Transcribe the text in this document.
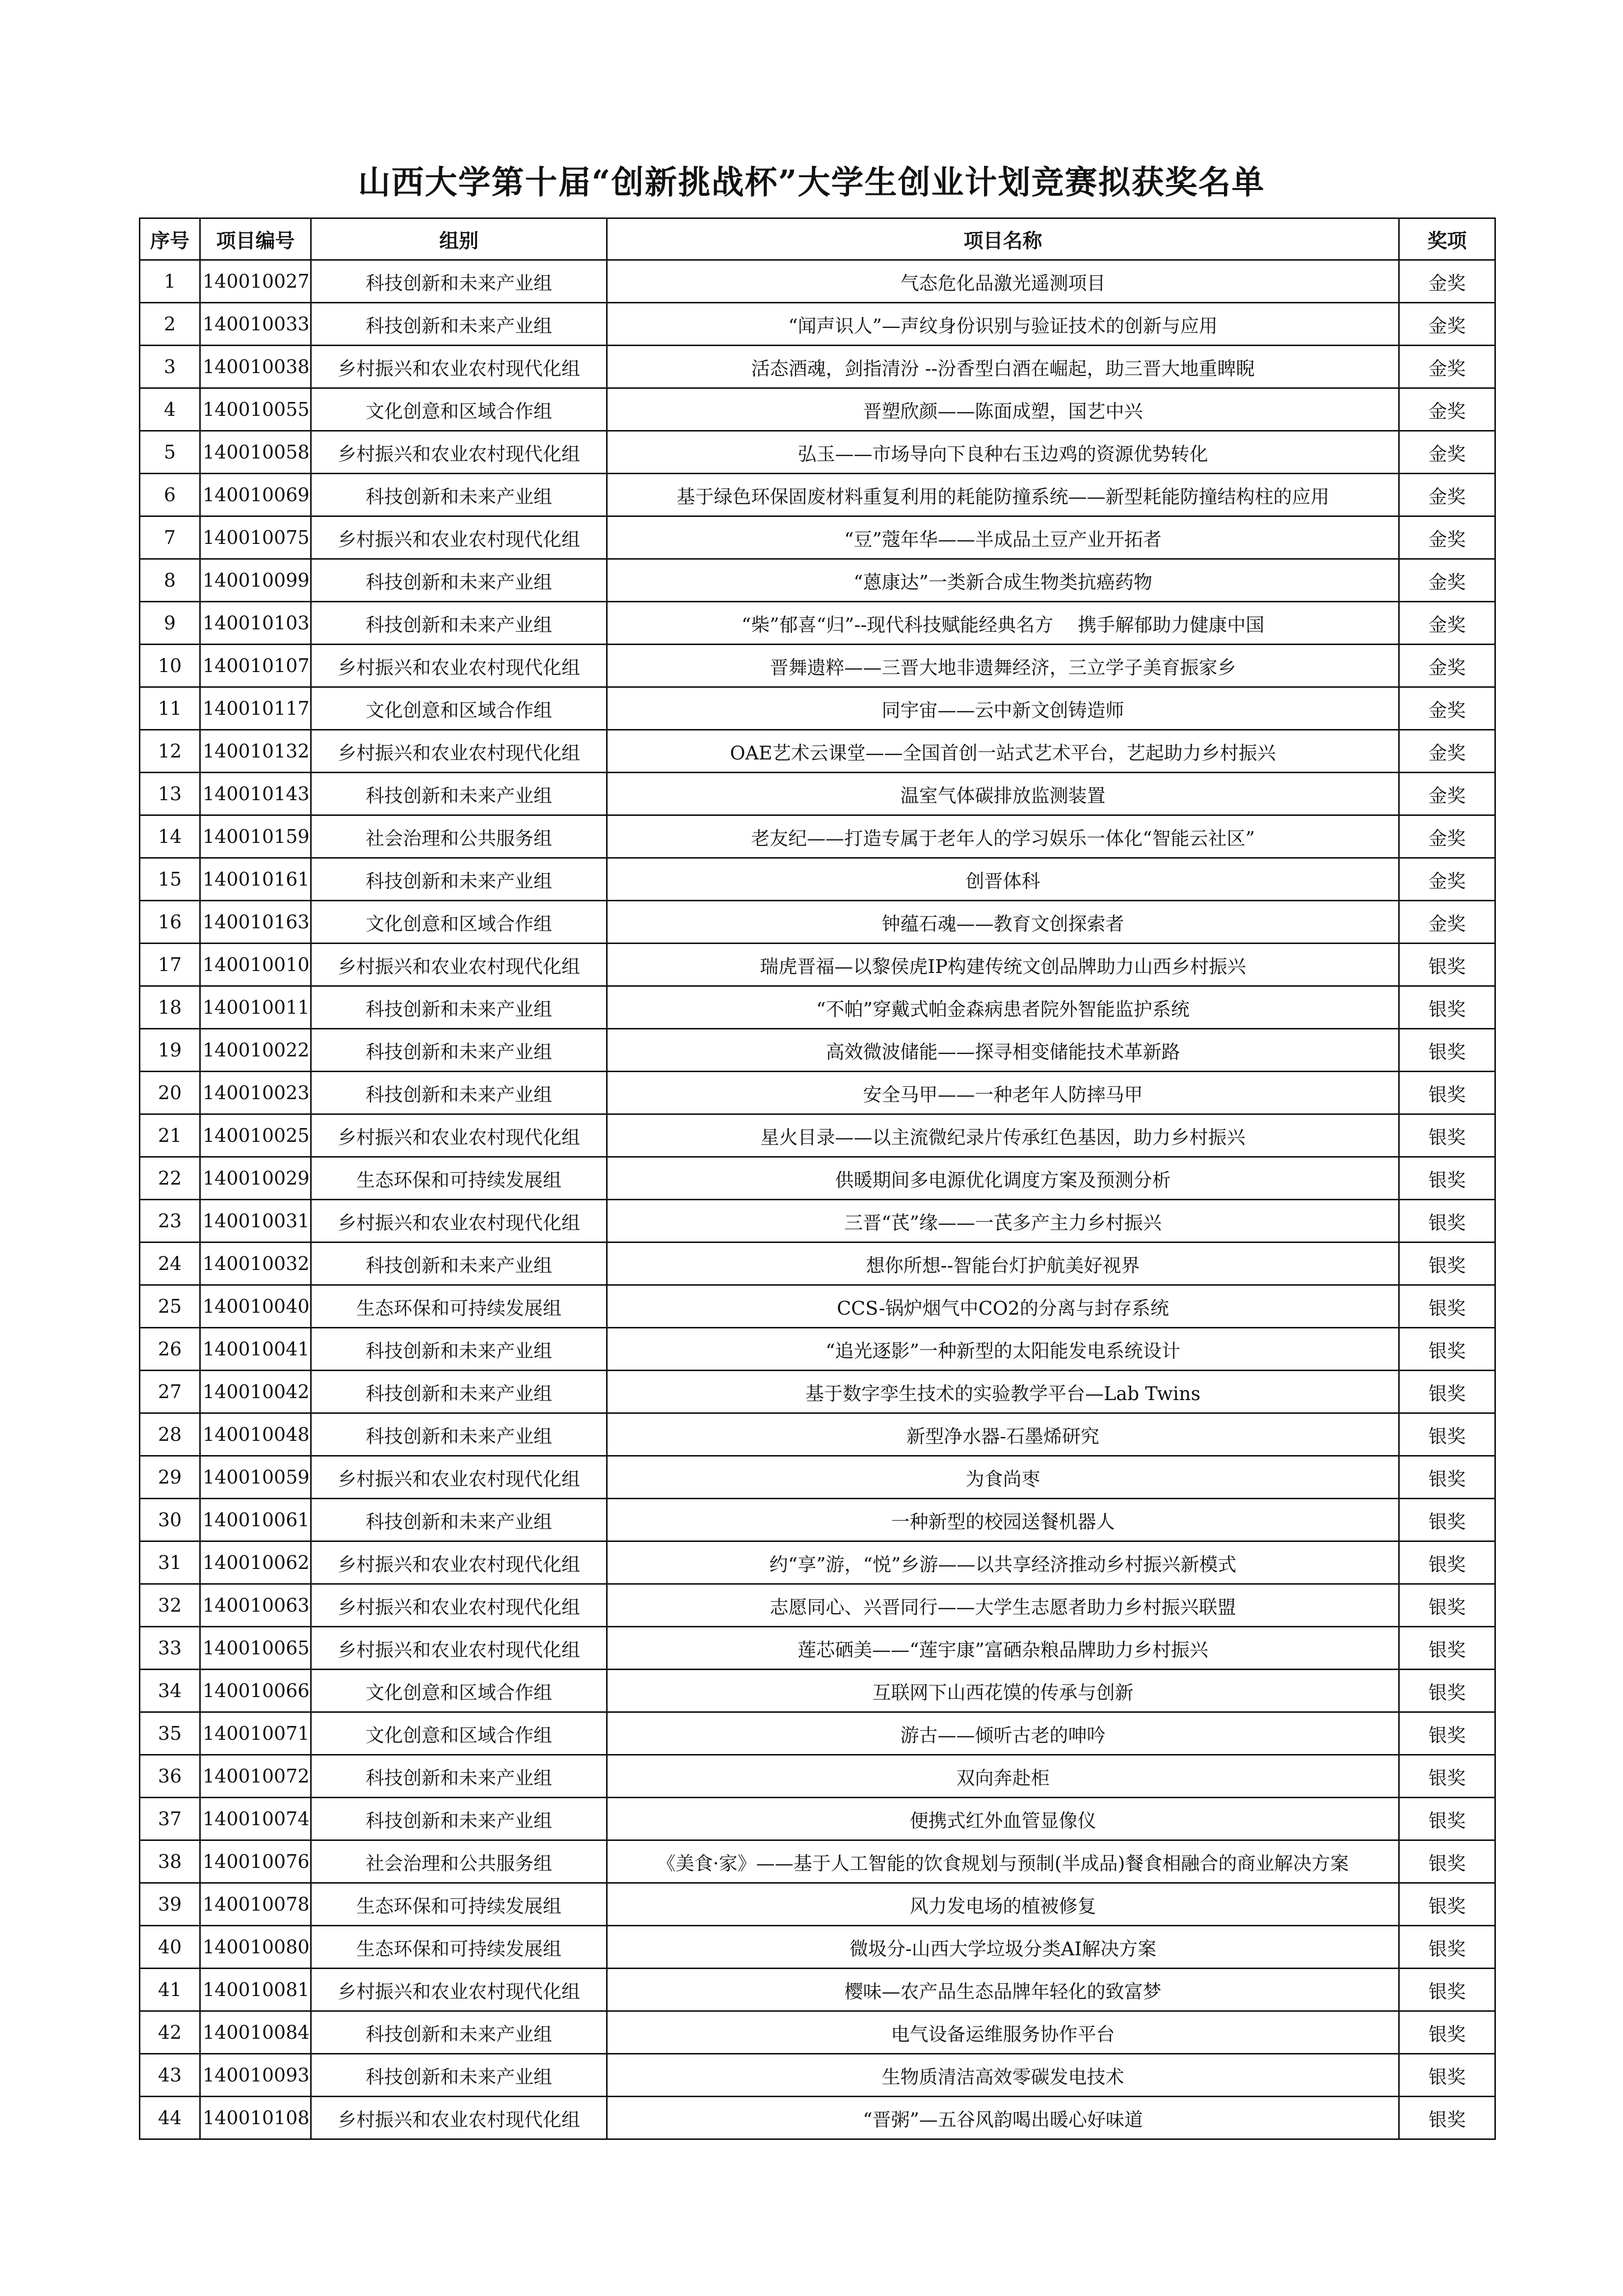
山西大学第十届“创新挑战杯”大学生创业计划竞赛拟获奖名单
序号	项目编号	组别	项目名称	奖项
1	140010027	科技创新和未来产业组	气态危化品激光遥测项目	金奖
2	140010033	科技创新和未来产业组	“闻声识人”—声纹身份识别与验证技术的创新与应用	金奖
3	140010038	乡村振兴和农业农村现代化组	活态酒魂，剑指清汾 --汾香型白酒在崛起，助三晋大地重睥睨	金奖
4	140010055	文化创意和区域合作组	晋塑欣颜——陈面成塑，国艺中兴	金奖
5	140010058	乡村振兴和农业农村现代化组	弘玉——市场导向下良种右玉边鸡的资源优势转化	金奖
6	140010069	科技创新和未来产业组	基于绿色环保固废材料重复利用的耗能防撞系统——新型耗能防撞结构柱的应用	金奖
7	140010075	乡村振兴和农业农村现代化组	“豆”蔻年华——半成品土豆产业开拓者	金奖
8	140010099	科技创新和未来产业组	“蒽康达”一类新合成生物类抗癌药物	金奖
9	140010103	科技创新和未来产业组	“柴”郁喜“归”--现代科技赋能经典名方　 携手解郁助力健康中国	金奖
10	140010107	乡村振兴和农业农村现代化组	晋舞遗粹——三晋大地非遗舞经济，三立学子美育振家乡	金奖
11	140010117	文化创意和区域合作组	同宇宙——云中新文创铸造师	金奖
12	140010132	乡村振兴和农业农村现代化组	OAE艺术云课堂——全国首创一站式艺术平台，艺起助力乡村振兴	金奖
13	140010143	科技创新和未来产业组	温室气体碳排放监测装置	金奖
14	140010159	社会治理和公共服务组	老友纪——打造专属于老年人的学习娱乐一体化“智能云社区”	金奖
15	140010161	科技创新和未来产业组	创晋体科	金奖
16	140010163	文化创意和区域合作组	钟蕴石魂——教育文创探索者	金奖
17	140010010	乡村振兴和农业农村现代化组	瑞虎晋福—以黎侯虎IP构建传统文创品牌助力山西乡村振兴	银奖
18	140010011	科技创新和未来产业组	“不帕”穿戴式帕金森病患者院外智能监护系统	银奖
19	140010022	科技创新和未来产业组	高效微波储能——探寻相变储能技术革新路	银奖
20	140010023	科技创新和未来产业组	安全马甲——一种老年人防摔马甲	银奖
21	140010025	乡村振兴和农业农村现代化组	星火目录——以主流微纪录片传承红色基因，助力乡村振兴	银奖
22	140010029	生态环保和可持续发展组	供暖期间多电源优化调度方案及预测分析	银奖
23	140010031	乡村振兴和农业农村现代化组	三晋“芪”缘——一芪多产主力乡村振兴	银奖
24	140010032	科技创新和未来产业组	想你所想--智能台灯护航美好视界	银奖
25	140010040	生态环保和可持续发展组	CCS-锅炉烟气中CO2的分离与封存系统	银奖
26	140010041	科技创新和未来产业组	“追光逐影”一种新型的太阳能发电系统设计	银奖
27	140010042	科技创新和未来产业组	基于数字孪生技术的实验教学平台—Lab Twins	银奖
28	140010048	科技创新和未来产业组	新型净水器-石墨烯研究	银奖
29	140010059	乡村振兴和农业农村现代化组	为食尚枣	银奖
30	140010061	科技创新和未来产业组	一种新型的校园送餐机器人	银奖
31	140010062	乡村振兴和农业农村现代化组	约“享”游，“悦”乡游——以共享经济推动乡村振兴新模式	银奖
32	140010063	乡村振兴和农业农村现代化组	志愿同心、兴晋同行——大学生志愿者助力乡村振兴联盟	银奖
33	140010065	乡村振兴和农业农村现代化组	莲芯硒美——“莲宇康”富硒杂粮品牌助力乡村振兴	银奖
34	140010066	文化创意和区域合作组	互联网下山西花馍的传承与创新	银奖
35	140010071	文化创意和区域合作组	游古——倾听古老的呻吟	银奖
36	140010072	科技创新和未来产业组	双向奔赴柜	银奖
37	140010074	科技创新和未来产业组	便携式红外血管显像仪	银奖
38	140010076	社会治理和公共服务组	《美食·家》——基于人工智能的饮食规划与预制(半成品)餐食相融合的商业解决方案	银奖
39	140010078	生态环保和可持续发展组	风力发电场的植被修复	银奖
40	140010080	生态环保和可持续发展组	微圾分-山西大学垃圾分类AI解决方案	银奖
41	140010081	乡村振兴和农业农村现代化组	樱味—农产品生态品牌年轻化的致富梦	银奖
42	140010084	科技创新和未来产业组	电气设备运维服务协作平台	银奖
43	140010093	科技创新和未来产业组	生物质清洁高效零碳发电技术	银奖
44	140010108	乡村振兴和农业农村现代化组	“晋粥”—五谷风韵喝出暖心好味道	银奖
